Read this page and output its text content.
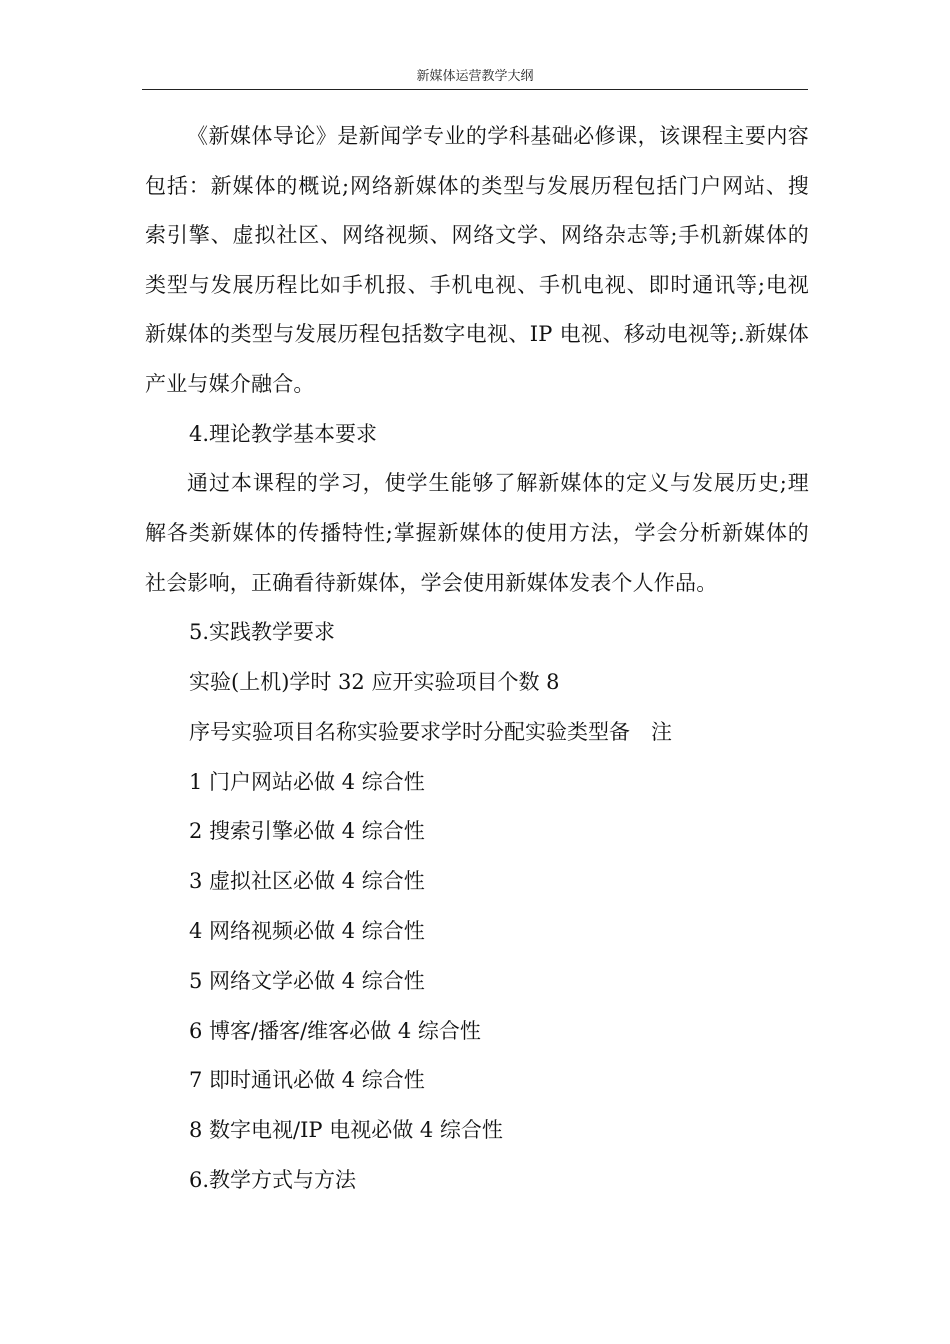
新媒体运营教学大纲

《新媒体导论》是新闻学专业的学科基础必修课，该课程主要内容包括：新媒体的概说;网络新媒体的类型与发展历程包括门户网站、搜索引擎、虚拟社区、网络视频、网络文学、网络杂志等;手机新媒体的类型与发展历程比如手机报、手机电视、手机电视、即时通讯等;电视新媒体的类型与发展历程包括数字电视、IP 电视、移动电视等;.新媒体产业与媒介融合。

4.理论教学基本要求

通过本课程的学习，使学生能够了解新媒体的定义与发展历史;理解各类新媒体的传播特性;掌握新媒体的使用方法，学会分析新媒体的社会影响，正确看待新媒体，学会使用新媒体发表个人作品。

5.实践教学要求

实验(上机)学时 32 应开实验项目个数 8

序号实验项目名称实验要求学时分配实验类型备　注

1 门户网站必做 4 综合性

2 搜索引擎必做 4 综合性

3 虚拟社区必做 4 综合性

4 网络视频必做 4 综合性

5 网络文学必做 4 综合性

6 博客/播客/维客必做 4 综合性

7 即时通讯必做 4 综合性

8 数字电视/IP 电视必做 4 综合性

6.教学方式与方法
